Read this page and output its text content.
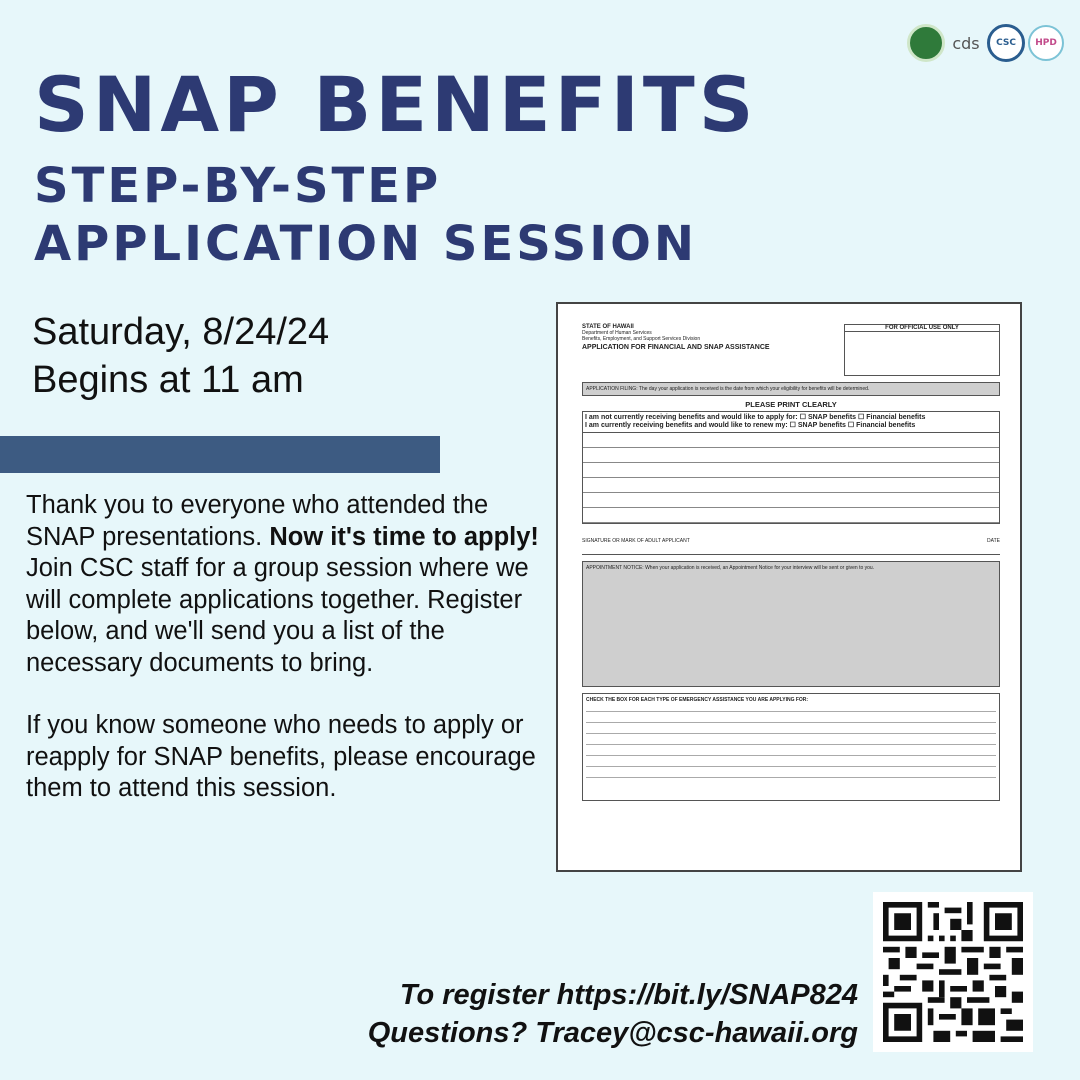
cds	CSC	HPD
SNAP BENEFITS
STEP-BY-STEP
APPLICATION SESSION
Saturday, 8/24/24
Begins at 11 am

Thank you to everyone who attended the SNAP presentations. Now it's time to apply! Join CSC staff for a group session where we will complete applications together. Register below, and we'll send you a list of the necessary documents to bring.

If you know someone who needs to apply or reapply for SNAP benefits, please encourage them to attend this session.

STATE OF HAWAII
Department of Human Services
Benefits, Employment, and Support Services Division
APPLICATION FOR FINANCIAL AND SNAP ASSISTANCE
FOR OFFICIAL USE ONLY
APPLICATION FILING: The day your application is received is the date from which your eligibility for benefits will be determined.
PLEASE PRINT CLEARLY
I am not currently receiving benefits and would like to apply for: ☐ SNAP benefits ☐ Financial benefits
I am currently receiving benefits and would like to renew my: ☐ SNAP benefits ☐ Financial benefits
SIGNATURE OR MARK OF ADULT APPLICANT	DATE
APPOINTMENT NOTICE: When your application is received, an Appointment Notice for your interview will be sent or given to you.
CHECK THE BOX FOR EACH TYPE OF EMERGENCY ASSISTANCE YOU ARE APPLYING FOR:
To register https://bit.ly/SNAP824
Questions? Tracey@csc-hawaii.org
